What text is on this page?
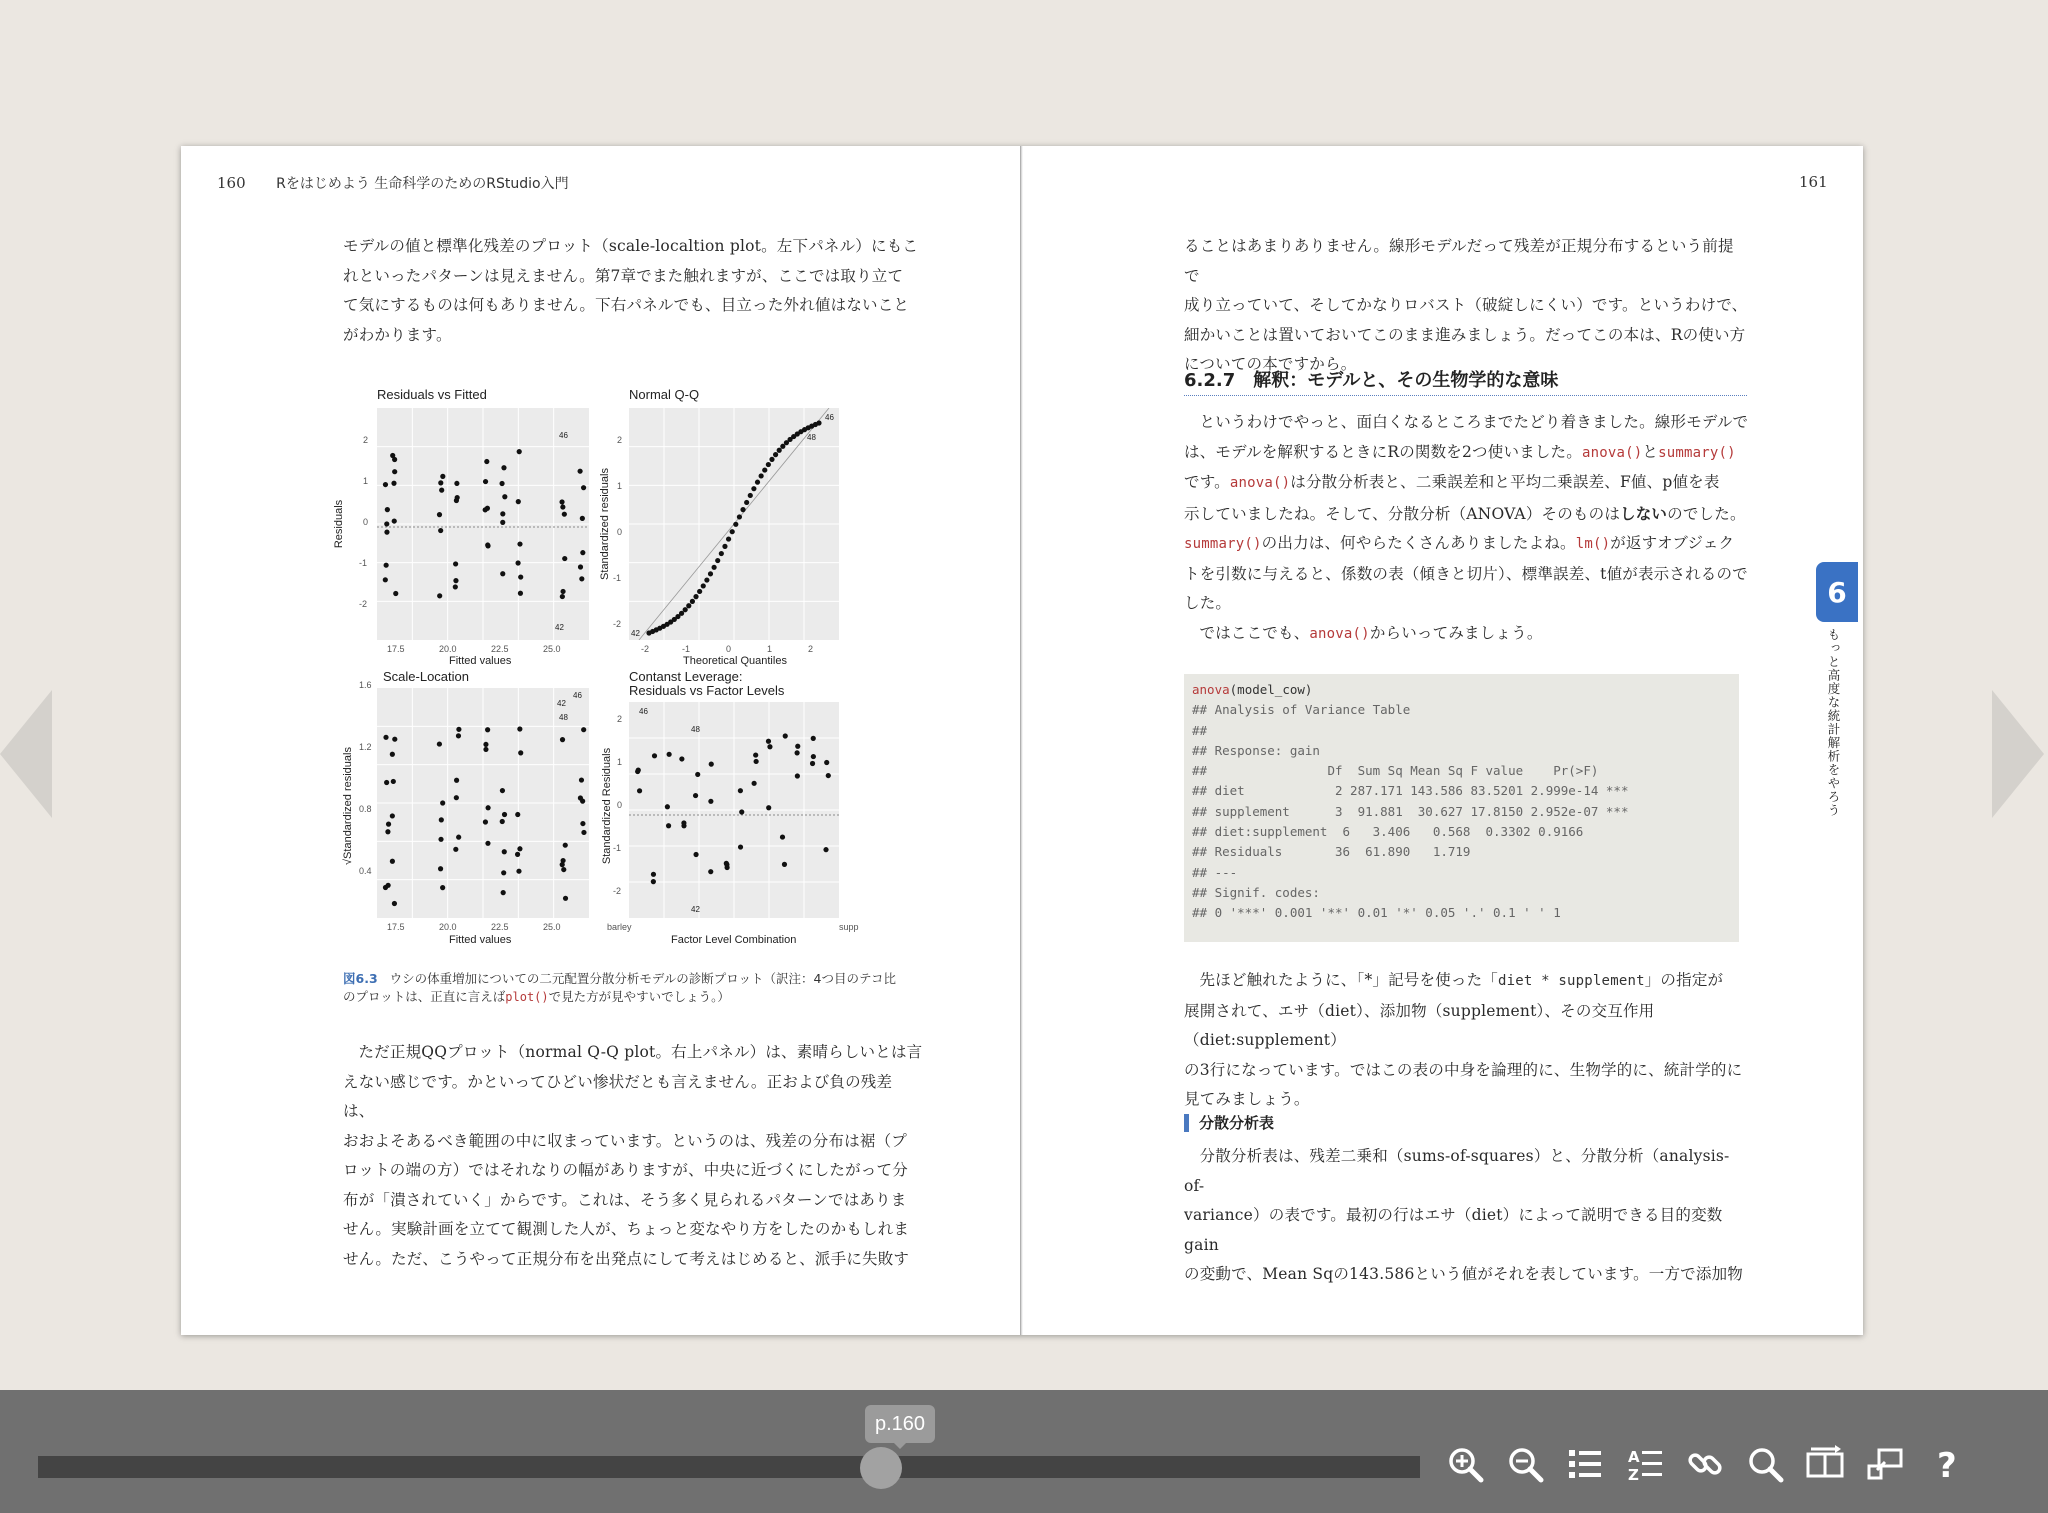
160 Rをはじめよう 生命科学のためのRStudio入門

モデルの値と標準化残差のプロット（scale-localtion plot。左下パネル）にもこ

れといったパターンは見えません。第7章でまた触れますが、ここでは取り立て

て気にするものは何もありません。下右パネルでも、目立った外れ値はないこと

がわかります。

Residuals vs Fitted
46
42
2
1
0
-1
-2
17.5	20.0	22.5	25.0
Fitted values
Residuals
Normal Q-Q
46
48
42
2
1
0
-1
-2
-2	-1	0	1	2
Theoretical Quantiles
Standardized residuals
Scale-Location
42
46
48
1.6
1.2
0.8
0.4
17.5	20.0	22.5	25.0
Fitted values
√Standardized residuals
Contanst Leverage:
Residuals vs Factor Levels
46
48
42
2
1
0
-1
-2
barley	supp
Factor Level Combination
Standardized Residuals
図6.3 ウシの体重増加についての二元配置分散分析モデルの診断プロット（訳注：4つ目のテコ比
のプロットは、正直に言えばplot()で見た方が見やすいでしょう。）

ただ正規QQプロット（normal Q-Q plot。右上パネル）は、素晴らしいとは言

えない感じです。かといってひどい惨状だとも言えません。正および負の残差は、

おおよそあるべき範囲の中に収まっています。というのは、残差の分布は裾（プ

ロットの端の方）ではそれなりの幅がありますが、中央に近づくにしたがって分

布が「潰されていく」からです。これは、そう多く見られるパターンではありま

せん。実験計画を立てて観測した人が、ちょっと変なやり方をしたのかもしれま

せん。ただ、こうやって正規分布を出発点にして考えはじめると、派手に失敗す

161

ることはあまりありません。線形モデルだって残差が正規分布するという前提で

成り立っていて、そしてかなりロバスト（破綻しにくい）です。というわけで、

細かいことは置いておいてこのまま進みましょう。だってこの本は、Rの使い方

についての本ですから。

6.2.7　解釈：モデルと、その生物学的な意味

というわけでやっと、面白くなるところまでたどり着きました。線形モデルで

は、モデルを解釈するときにRの関数を2つ使いました。anova()とsummary()

です。anova()は分散分析表と、二乗誤差和と平均二乗誤差、F値、p値を表

示していましたね。そして、分散分析（ANOVA）そのものはしないのでした。

summary()の出力は、何やらたくさんありましたよね。lm()が返すオブジェク

トを引数に与えると、係数の表（傾きと切片）、標準誤差、t値が表示されるので

した。

ではここでも、anova()からいってみましょう。

anova(model_cow)
## Analysis of Variance Table
##
## Response: gain
##                Df  Sum Sq Mean Sq F value    Pr(>F)
## diet            2 287.171 143.586 83.5201 2.999e-14 ***
## supplement      3  91.881  30.627 17.8150 2.952e-07 ***
## diet:supplement  6   3.406   0.568  0.3302 0.9166
## Residuals       36  61.890   1.719
## ---
## Signif. codes:
## 0 '***' 0.001 '**' 0.01 '*' 0.05 '.' 0.1 ' ' 1

先ほど触れたように、「*」記号を使った「diet * supplement」の指定が

展開されて、エサ（diet）、添加物（supplement）、その交互作用（diet:supplement）

の3行になっています。ではこの表の中身を論理的に、生物学的に、統計学的に

見てみましょう。

分散分析表

分散分析表は、残差二乗和（sums-of-squares）と、分散分析（analysis-of-

variance）の表です。最初の行はエサ（diet）によって説明できる目的変数gain

の変動で、Mean Sqの143.586という値がそれを表しています。一方で添加物

6
もっと高度な統計解析をやろう
p.160
A
Z	?
